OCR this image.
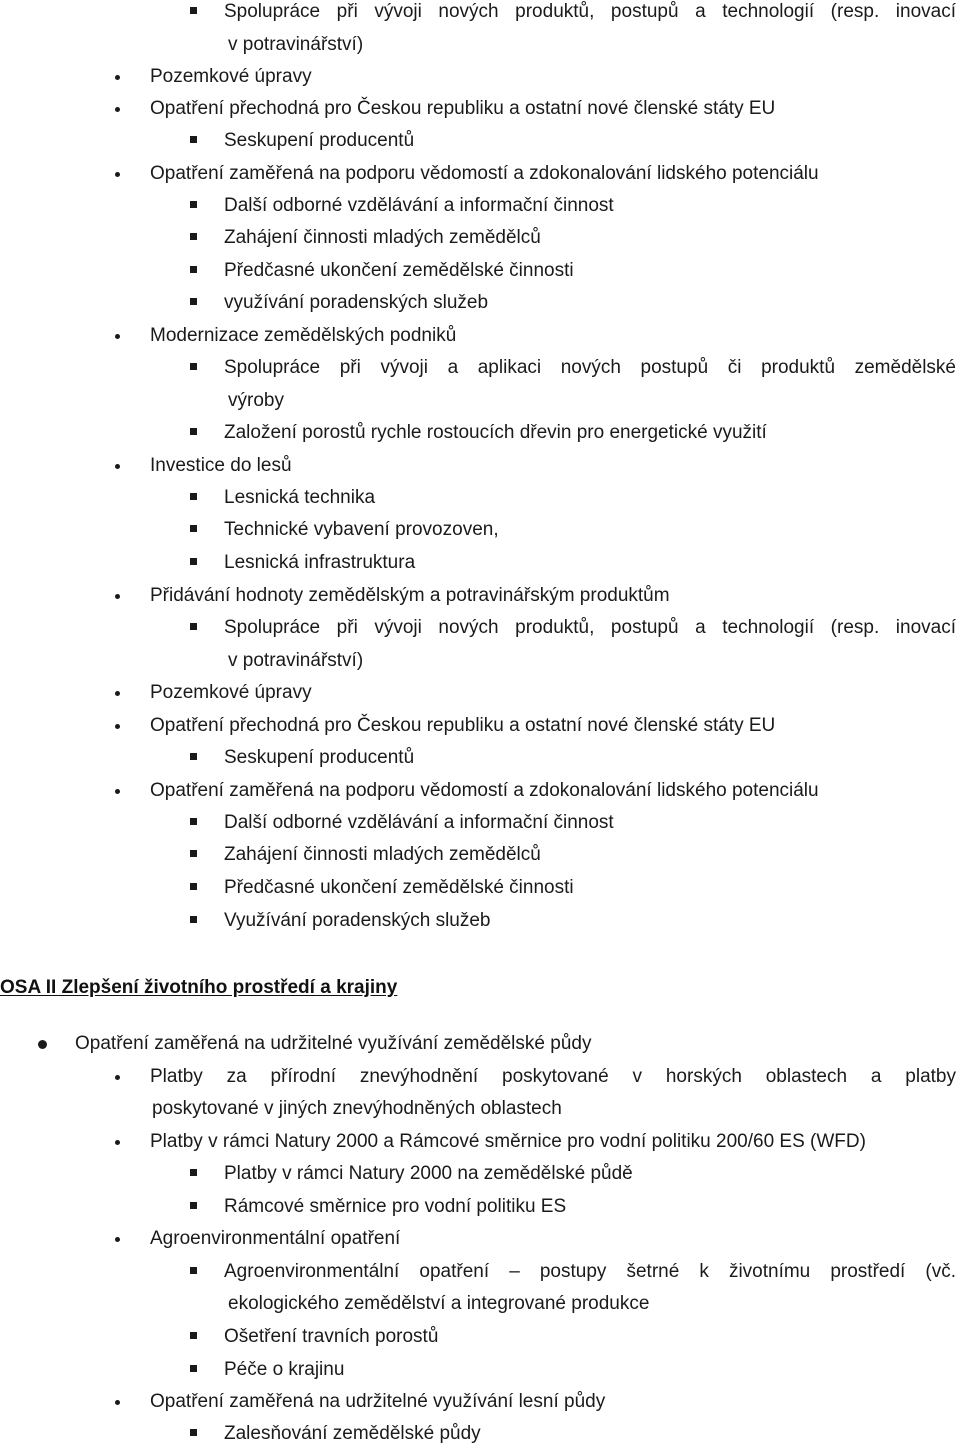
Spolupráce při vývoji nových produktů, postupů a technologií (resp. inovací
v potravinářství)
Pozemkové úpravy
Opatření přechodná pro Českou republiku a ostatní nové členské státy EU
Seskupení producentů
Opatření zaměřená na podporu vědomostí a zdokonalování lidského potenciálu
Další odborné vzdělávání a informační činnost
Zahájení činnosti mladých zemědělců
Předčasné ukončení zemědělské činnosti
využívání poradenských služeb
Modernizace zemědělských podniků
Spolupráce při vývoji a aplikaci nových postupů či produktů zemědělské
výroby
Založení porostů rychle rostoucích dřevin pro energetické využití
Investice do lesů
Lesnická technika
Technické vybavení provozoven,
Lesnická infrastruktura
Přidávání hodnoty zemědělským a potravinářským produktům
Spolupráce při vývoji nových produktů, postupů a technologií (resp. inovací
v potravinářství)
Pozemkové úpravy
Opatření přechodná pro Českou republiku a ostatní nové členské státy EU
Seskupení producentů
Opatření zaměřená na podporu vědomostí a zdokonalování lidského potenciálu
Další odborné vzdělávání a informační činnost
Zahájení činnosti mladých zemědělců
Předčasné ukončení zemědělské činnosti
Využívání poradenských služeb
OSA II Zlepšení životního prostředí a krajiny
Opatření zaměřená na udržitelné využívání zemědělské půdy
Platby za přírodní znevýhodnění poskytované v horských oblastech a platby
poskytované v jiných znevýhodněných oblastech
Platby v rámci Natury 2000 a Rámcové směrnice pro vodní politiku 200/60 ES (WFD)
Platby v rámci Natury 2000 na zemědělské půdě
Rámcové směrnice pro vodní politiku ES
Agroenvironmentální opatření
Agroenvironmentální opatření – postupy šetrné k životnímu prostředí (vč.
ekologického zemědělství a integrované produkce
Ošetření travních porostů
Péče o krajinu
Opatření zaměřená na udržitelné využívání lesní půdy
Zalesňování zemědělské půdy
